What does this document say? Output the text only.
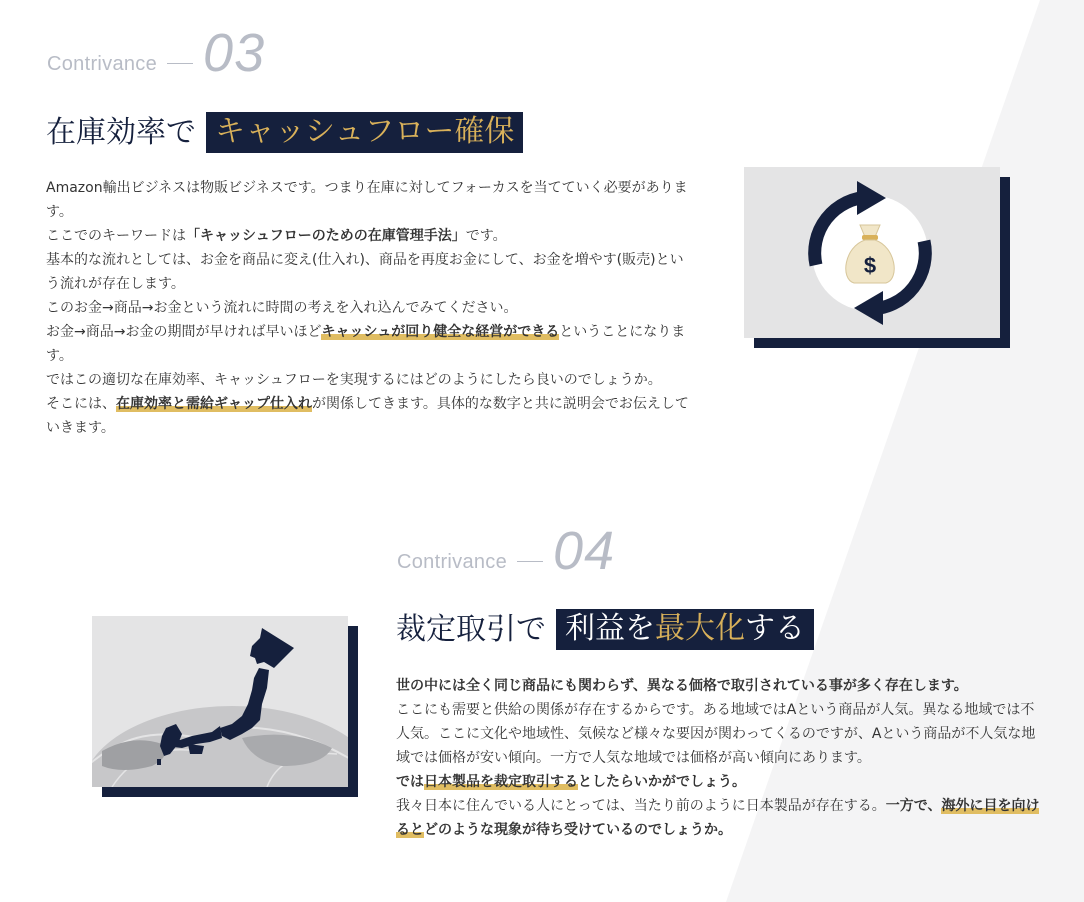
Contrivance 03
在庫効率で キャッシュフロー確保

Amazon輸出ビジネスは物販ビジネスです。つまり在庫に対してフォーカスを当てていく必要があります。

ここでのキーワードは「キャッシュフローのための在庫管理手法」です。

基本的な流れとしては、お金を商品に変え(仕入れ)、商品を再度お金にして、お金を増やす(販売)という流れが存在します。

このお金→商品→お金という流れに時間の考えを入れ込んでみてください。

お金→商品→お金の期間が早ければ早いほどキャッシュが回り健全な経営ができるということになります。

ではこの適切な在庫効率、キャッシュフローを実現するにはどのようにしたら良いのでしょうか。

そこには、在庫効率と需給ギャップ仕入れが関係してきます。具体的な数字と共に説明会でお伝えしていきます。

$
Contrivance 04
裁定取引で 利益を最大化する

世の中には全く同じ商品にも関わらず、異なる価格で取引されている事が多く存在します。

ここにも需要と供給の関係が存在するからです。ある地域ではAという商品が人気。異なる地域では不人気。ここに文化や地域性、気候など様々な要因が関わってくるのですが、Aという商品が不人気な地域では価格が安い傾向。一方で人気な地域では価格が高い傾向にあります。

では日本製品を裁定取引するとしたらいかがでしょう。

我々日本に住んでいる人にとっては、当たり前のように日本製品が存在する。一方で、海外に目を向けるとどのような現象が待ち受けているのでしょうか。
